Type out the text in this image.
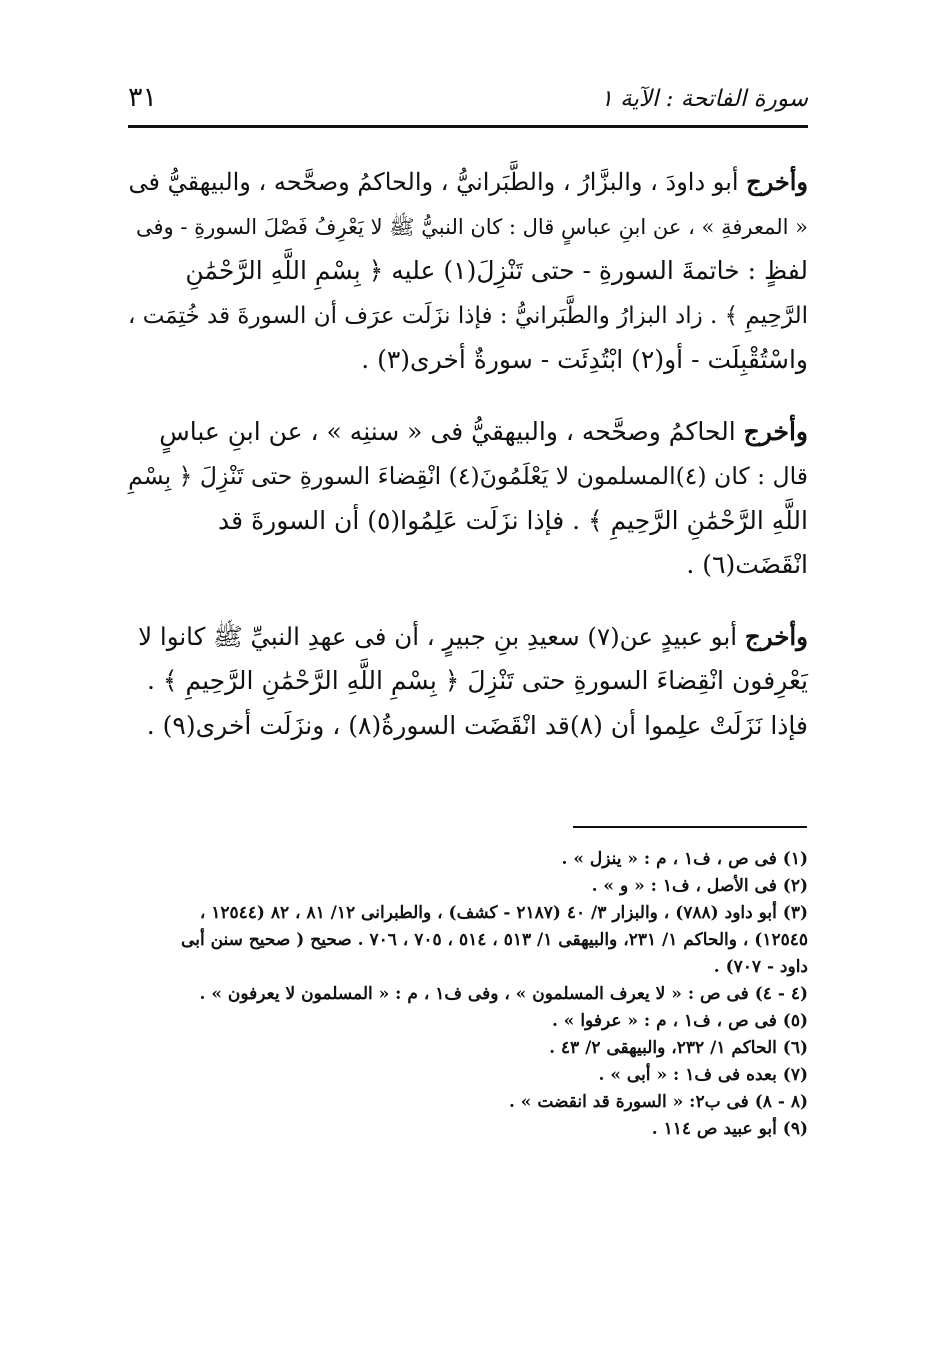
سورة الفاتحة : الآية ١
٣١
وأخرج أبو داودَ ، والبزَّارُ ، والطَّبَرانيُّ ، والحاكمُ وصحَّحه ، والبيهقيُّ فى
« المعرفةِ » ، عن ابنِ عباسٍ قال : كان النبيُّ ﷺ لا يَعْرِفُ فَصْلَ السورةِ - وفى
لفظٍ : خاتمةَ السورةِ - حتى تَنْزِلَ(١) عليه ﴿ بِسْمِ اللَّهِ الرَّحْمَٰنِ
الرَّحِيمِ ﴾ . زاد البزارُ والطَّبَرانيُّ : فإذا نزَلَت عرَف أن السورةَ قد خُتِمَت ،
واسْتُقْبِلَت - أو(٢) ابْتُدِئَت - سورةٌ أخرى(٣) .
وأخرج الحاكمُ وصحَّحه ، والبيهقيُّ فى « سننِه » ، عن ابنِ عباسٍ
قال : كان (٤)المسلمون لا يَعْلَمُونَ(٤) انْقِضاءَ السورةِ حتى تَنْزِلَ ﴿ بِسْمِ
اللَّهِ الرَّحْمَٰنِ الرَّحِيمِ ﴾ . فإذا نزَلَت عَلِمُوا(٥) أن السورةَ قد
انْقَضَت(٦) .
وأخرج أبو عبيدٍ عن(٧) سعيدِ بنِ جبيرٍ ، أن فى عهدِ النبيِّ ﷺ كانوا لا
يَعْرِفون انْقِضاءَ السورةِ حتى تَنْزِلَ ﴿ بِسْمِ اللَّهِ الرَّحْمَٰنِ الرَّحِيمِ ﴾ .
فإذا نَزَلَتْ علِموا أن (٨)قد انْقَضَت السورةُ(٨) ، ونزَلَت أخرى(٩) .
(١) فى ص ، ف١ ، م : « ينزل » .
(٢) فى الأصل ، ف١ : « و » .
(٣) أبو داود (٧٨٨) ، والبزار ٣/ ٤٠ (٢١٨٧ - كشف) ، والطبرانى ١٢/ ٨١ ، ٨٢ (١٢٥٤٤ ،
١٢٥٤٥) ، والحاكم ١/ ٢٣١، والبيهقى ١/ ٥١٣ ، ٥١٤ ، ٧٠٥ ، ٧٠٦ . صحيح ( صحيح سنن أبى
داود - ٧٠٧) .
(٤ - ٤) فى ص : « لا يعرف المسلمون » ، وفى ف١ ، م : « المسلمون لا يعرفون » .
(٥) فى ص ، ف١ ، م : « عرفوا » .
(٦) الحاكم ١/ ٢٣٢، والبيهقى ٢/ ٤٣ .
(٧) بعده فى ف١ : « أبى » .
(٨ - ٨) فى ب٢: « السورة قد انقضت » .
(٩) أبو عبيد ص ١١٤ .
